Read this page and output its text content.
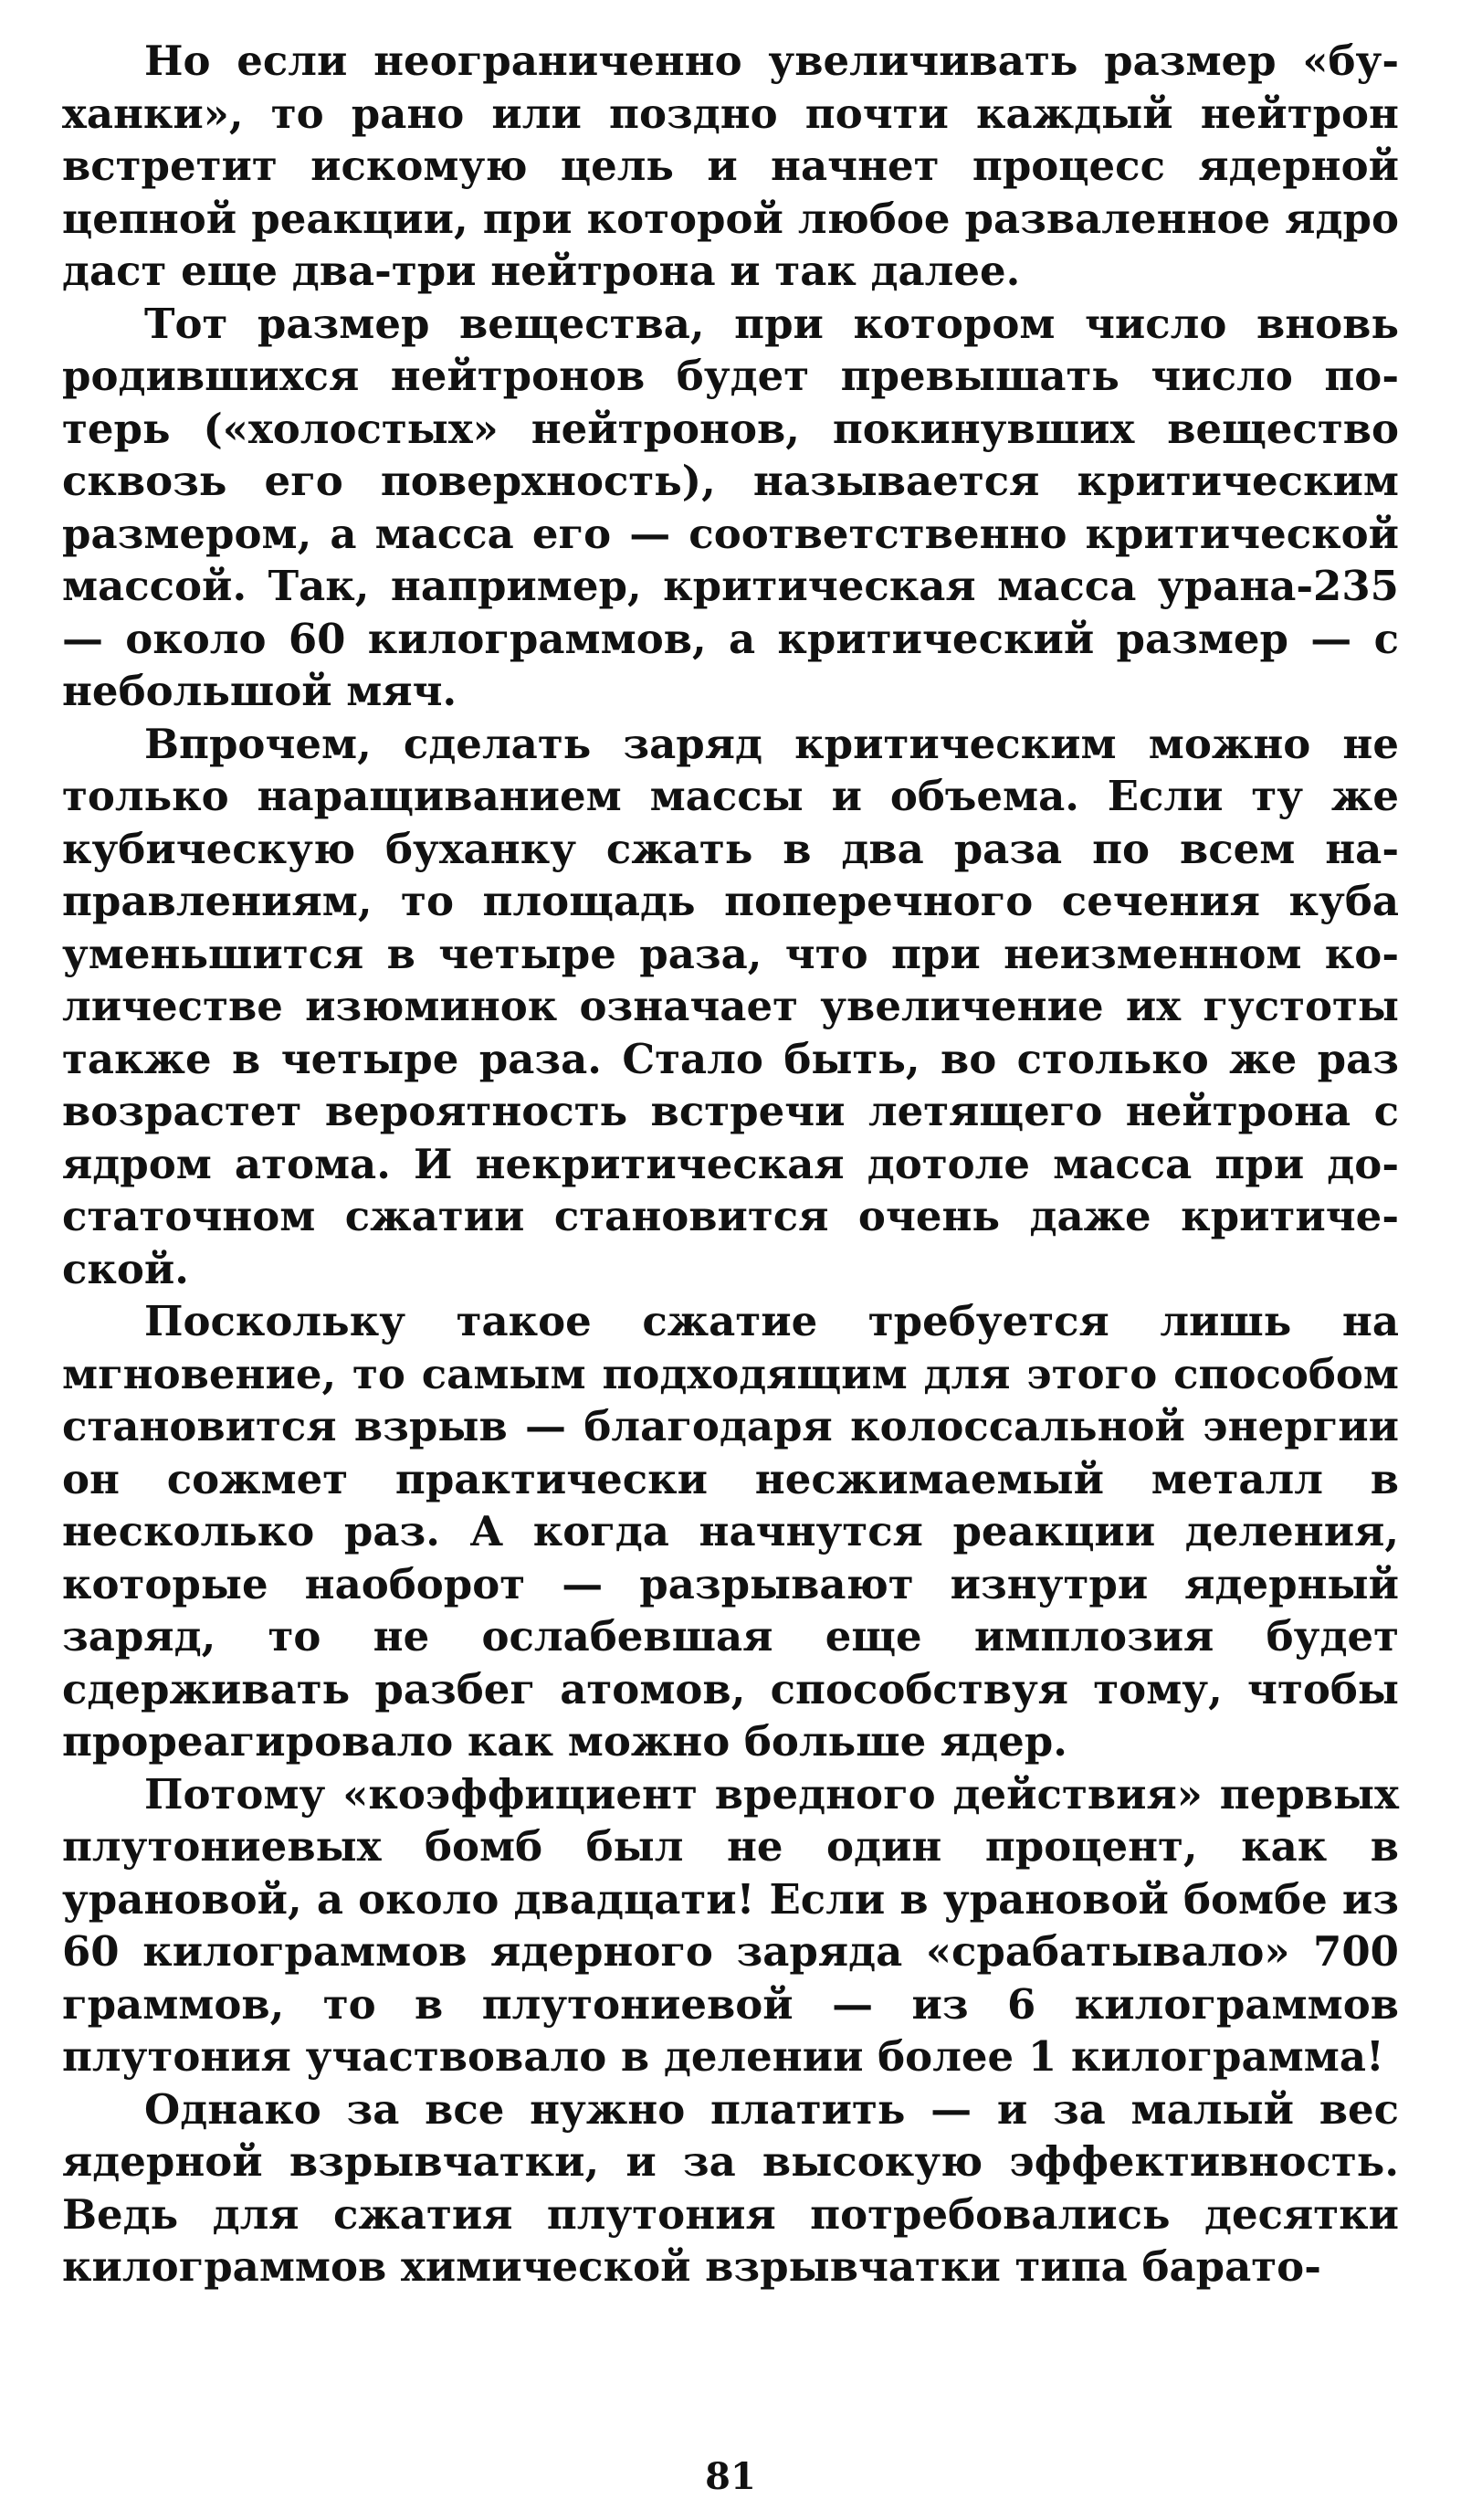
Но если неограниченно увеличивать размер «буханки», то рано или поздно почти каждый нейтрон встретит искомую цель и начнет процесс ядерной цепной реакции, при которой любое разваленное ядро даст еще два-три нейтрона и так далее.

Тот размер вещества, при котором число вновь родившихся нейтронов будет превышать число потерь («холостых» нейтронов, покинувших вещество сквозь его поверхность), называется критическим размером, а масса его — соответственно критической массой. Так, например, критическая масса урана-235 — около 60 килограммов, а критический размер — с небольшой мяч.

Впрочем, сделать заряд критическим можно не только наращиванием массы и объема. Если ту же кубическую буханку сжать в два раза по всем направлениям, то площадь поперечного сечения куба уменьшится в четыре раза, что при неизменном количестве изюминок означает увеличение их густоты также в четыре раза. Стало быть, во столько же раз возрастет вероятность встречи летящего нейтрона с ядром атома. И некритическая дотоле масса при достаточном сжатии становится очень даже критической.

Поскольку такое сжатие требуется лишь на мгновение, то самым подходящим для этого способом становится взрыв — благодаря колоссальной энергии он сожмет практически несжимаемый металл в несколько раз. А когда начнутся реакции деления, которые наоборот — разрывают изнутри ядерный заряд, то не ослабевшая еще имплозия будет сдерживать разбег атомов, способствуя тому, чтобы прореагировало как можно больше ядер.

Потому «коэффициент вредного действия» первых плутониевых бомб был не один процент, как в урановой, а около двадцати! Если в урановой бомбе из 60 килограммов ядерного заряда «срабатывало» 700 граммов, то в плутониевой — из 6 килограммов плутония участвовало в делении более 1 килограмма!

Однако за все нужно платить — и за малый вес ядерной взрывчатки, и за высокую эффективность. Ведь для сжатия плутония потребовались десятки килограммов химической взрывчатки типа барато-

81
